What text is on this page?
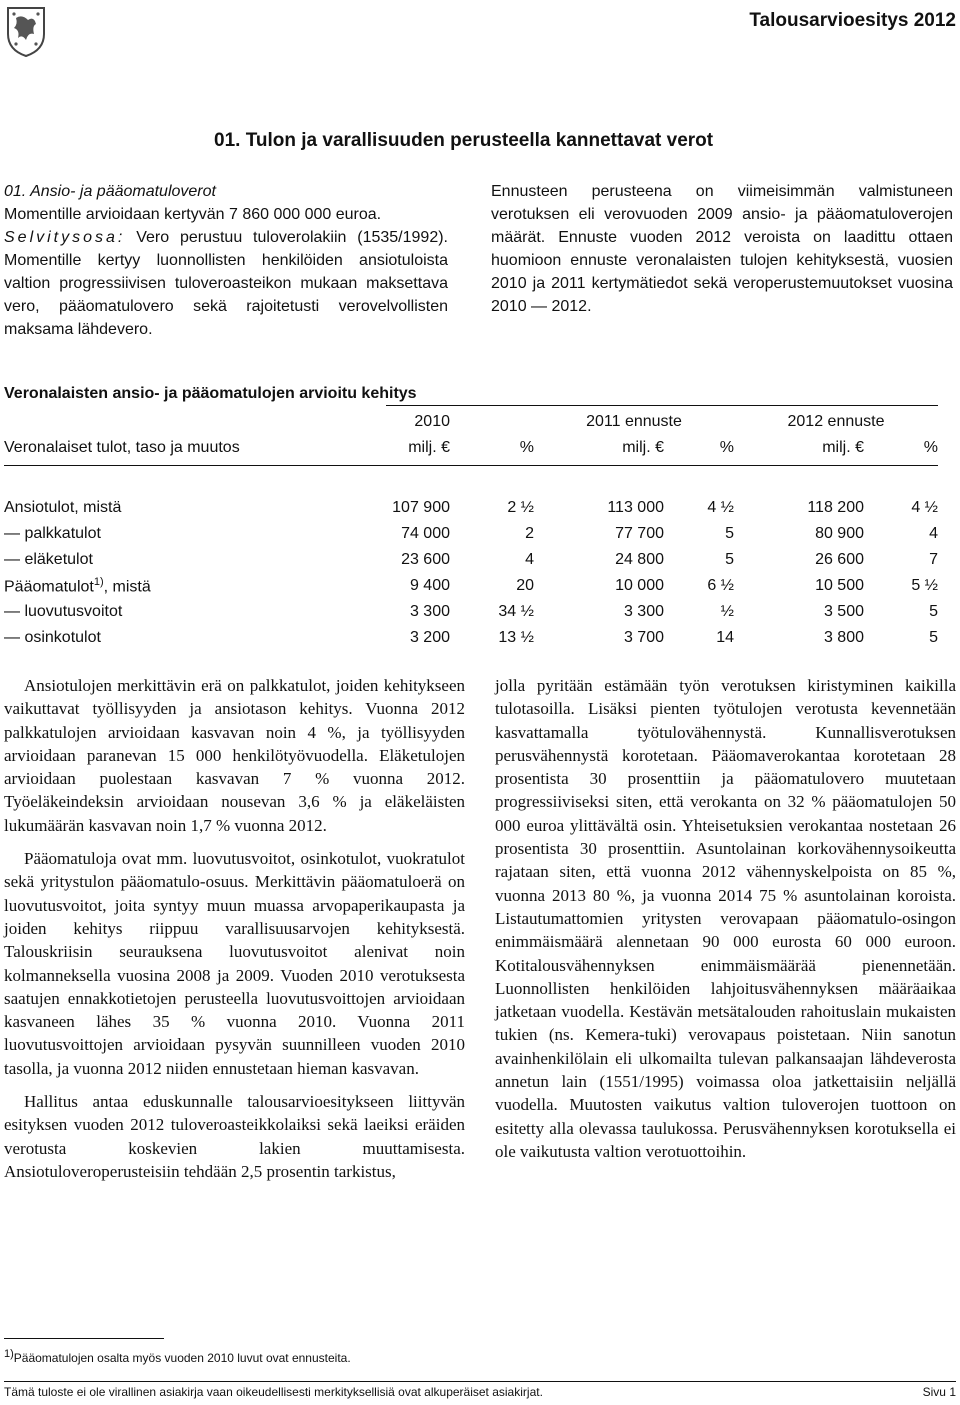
Talousarvioesitys 2012
01. Tulon ja varallisuuden perusteella kannettavat verot

01. Ansio- ja pääomatuloverot

Momentille arvioidaan kertyvän 7 860 000 000 euroa.

Selvitysosa: Vero perustuu tuloverolakiin (1535/1992). Momentille kertyy luonnollisten henkilöiden ansiotuloista valtion progressiivisen tuloveroasteikon mukaan maksettava vero, pääomatulovero sekä rajoitetusti verovelvollisten maksama lähdevero.

Ennusteen perusteena on viimeisimmän valmistuneen verotuksen eli verovuoden 2009 ansio- ja pääomatuloverojen määrät. Ennuste vuoden 2012 veroista on laadittu ottaen huomioon ennuste veronalaisten tulojen kehityksestä, vuosien 2010 ja 2011 kertymätiedot sekä veroperustemuutokset vuosina 2010 — 2012.
Veronalaisten ansio- ja pääomatulojen arvioitu kehitys
	2010		2011 ennuste		2012 ennuste	
Veronalaiset tulot, taso ja muutos	milj. €	%	milj. €	%	milj. €	%

Ansiotulot, mistä	107 900	2 ½	113 000	4 ½	118 200	4 ½
— palkkatulot	74 000	2	77 700	5	80 900	4
— eläketulot	23 600	4	24 800	5	26 600	7
Pääomatulot$^{1)}$, mistä	9 400	20	10 000	6 ½	10 500	5 ½
— luovutusvoitot	3 300	34 ½	3 300	½	3 500	5
— osinkotulot	3 200	13 ½	3 700	14	3 800	5

Ansiotulojen merkittävin erä on palkkatulot, joiden kehitykseen vaikuttavat työllisyyden ja ansiotason kehitys. Vuonna 2012 palkkatulojen arvioidaan kasvavan noin 4 %, ja työllisyyden arvioidaan paranevan 15 000 henkilötyövuodella. Eläketulojen arvioidaan puolestaan kasvavan 7 % vuonna 2012. Työeläkeindeksin arvioidaan nousevan 3,6 % ja eläkeläisten lukumäärän kasvavan noin 1,7 % vuonna 2012.

Pääomatuloja ovat mm. luovutusvoitot, osinkotulot, vuokratulot sekä yritystulon pääomatulo-osuus. Merkittävin pääomatuloerä on luovutusvoitot, joita syntyy muun muassa arvopaperikaupasta ja joiden kehitys riippuu varallisuusarvojen kehityksestä. Talouskriisin seurauksena luovutusvoitot alenivat noin kolmanneksella vuosina 2008 ja 2009. Vuoden 2010 verotuksesta saatujen ennakkotietojen perusteella luovutusvoittojen arvioidaan kasvaneen lähes 35 % vuonna 2010. Vuonna 2011 luovutusvoittojen arvioidaan pysyvän suunnilleen vuoden 2010 tasolla, ja vuonna 2012 niiden ennustetaan hieman kasvavan.

Hallitus antaa eduskunnalle talousarvioesitykseen liittyvän esityksen vuoden 2012 tuloveroasteikkolaiksi sekä laeiksi eräiden verotusta koskevien lakien muuttamisesta. Ansiotuloveroperusteisiin tehdään 2,5 prosentin tarkistus,

jolla pyritään estämään työn verotuksen kiristyminen kaikilla tulotasoilla. Lisäksi pienten työtulojen verotusta kevennetään kasvattamalla työtulovähennystä. Kunnallisverotuksen perusvähennystä korotetaan. Pääomaverokantaa korotetaan 28 prosentista 30 prosenttiin ja pääomatulovero muutetaan progressiiviseksi siten, että verokanta on 32 % pääomatulojen 50 000 euroa ylittävältä osin. Yhteisetuksien verokantaa nostetaan 26 prosentista 30 prosenttiin. Asuntolainan korkovähennysoikeutta rajataan siten, että vuonna 2012 vähennyskelpoista on 85 %, vuonna 2013 80 %, ja vuonna 2014 75 % asuntolainan koroista. Listautumattomien yritysten verovapaan pääomatulo-osingon enimmäismäärä alennetaan 90 000 eurosta 60 000 euroon. Kotitalousvähennyksen enimmäismäärää pienennetään. Luonnollisten henkilöiden lahjoitusvähennyksen määräaikaa jatketaan vuodella. Kestävän metsätalouden rahoituslain mukaisten tukien (ns. Kemera-tuki) verovapaus poistetaan. Niin sanotun avainhenkilölain eli ulkomailta tulevan palkansaajan lähdeverosta annetun lain (1551/1995) voimassa oloa jatkettaisiin neljällä vuodella. Muutosten vaikutus valtion tuloverojen tuottoon on esitetty alla olevassa taulukossa. Perusvähennyksen korotuksella ei ole vaikutusta valtion verotuottoihin.

$^{1)}$Pääomatulojen osalta myös vuoden 2010 luvut ovat ennusteita.
Tämä tuloste ei ole virallinen asiakirja vaan oikeudellisesti merkityksellisiä ovat alkuperäiset asiakirjat.	Sivu 1
